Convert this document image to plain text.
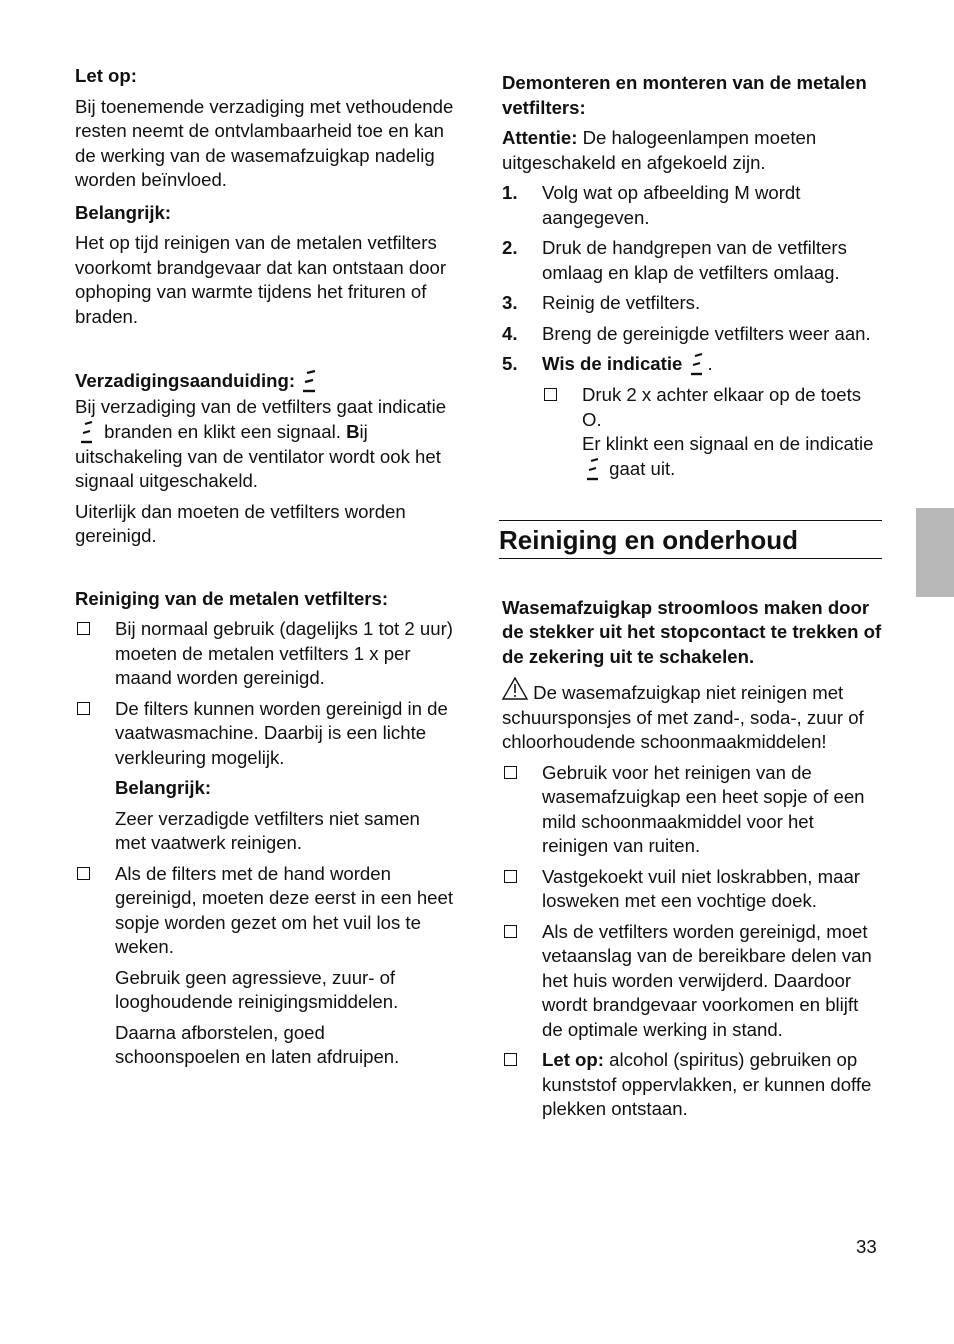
Let op:

Bij toenemende verzadiging met vethoudende resten neemt de ontvlambaarheid toe en kan de werking van de wasemafzuigkap nadelig worden beïnvloed.

Belangrijk:

Het op tijd reinigen van de metalen vetfilters voorkomt brandgevaar dat kan ontstaan door ophoping van warmte tijdens het frituren of braden.

Verzadigingsaanduiding:

Bij verzadiging van de vetfilters gaat indicatie  branden en klikt een signaal. Bij uitschakeling van de ventilator wordt ook het signaal uitgeschakeld.

Uiterlijk dan moeten de vetfilters worden gereinigd.

Reiniging van de metalen vetfilters:

Bij normaal gebruik (dagelijks 1 tot 2 uur) moeten de metalen vetfilters 1 x per maand worden gereinigd.
De filters kunnen worden gereinigd in de vaatwasmachine. Daarbij is een lichte verkleuring mogelijk.

Belangrijk:

Zeer verzadigde vetfilters niet samen met vaatwerk reinigen.

Als de filters met de hand worden gereinigd, moeten deze eerst in een heet sopje worden gezet om het vuil los te weken.

Gebruik geen agressieve, zuur- of looghoudende reinigingsmiddelen.

Daarna afborstelen, goed schoonspoelen en laten afdruipen.

Demonteren en monteren van de metalen vetfilters:

Attentie: De halogeenlampen moeten uitgeschakeld en afgekoeld zijn.

1. Volg wat op afbeelding M wordt aangegeven.
2. Druk de handgrepen van de vetfilters omlaag en klap de vetfilters omlaag.
3. Reinig de vetfilters.
4. Breng de gereinigde vetfilters weer aan.
5. Wis de indicatie .
Druk 2 x achter elkaar op de toets O.
Er klinkt een signaal en de indicatie  gaat uit.
Reiniging en onderhoud

Wasemafzuigkap stroomloos maken door de stekker uit het stopcontact te trekken of de zekering uit te schakelen.

De wasemafzuigkap niet reinigen met schuursponsjes of met zand-, soda-, zuur of chloorhoudende schoonmaakmiddelen!

Gebruik voor het reinigen van de wasemafzuigkap een heet sopje of een mild schoonmaakmiddel voor het reinigen van ruiten.
Vastgekoekt vuil niet loskrabben, maar losweken met een vochtige doek.
Als de vetfilters worden gereinigd, moet vetaanslag van de bereikbare delen van het huis worden verwijderd. Daardoor wordt brandgevaar voorkomen en blijft de optimale werking in stand.
Let op: alcohol (spiritus) gebruiken op kunststof oppervlakken, er kunnen doffe plekken ontstaan.
33
